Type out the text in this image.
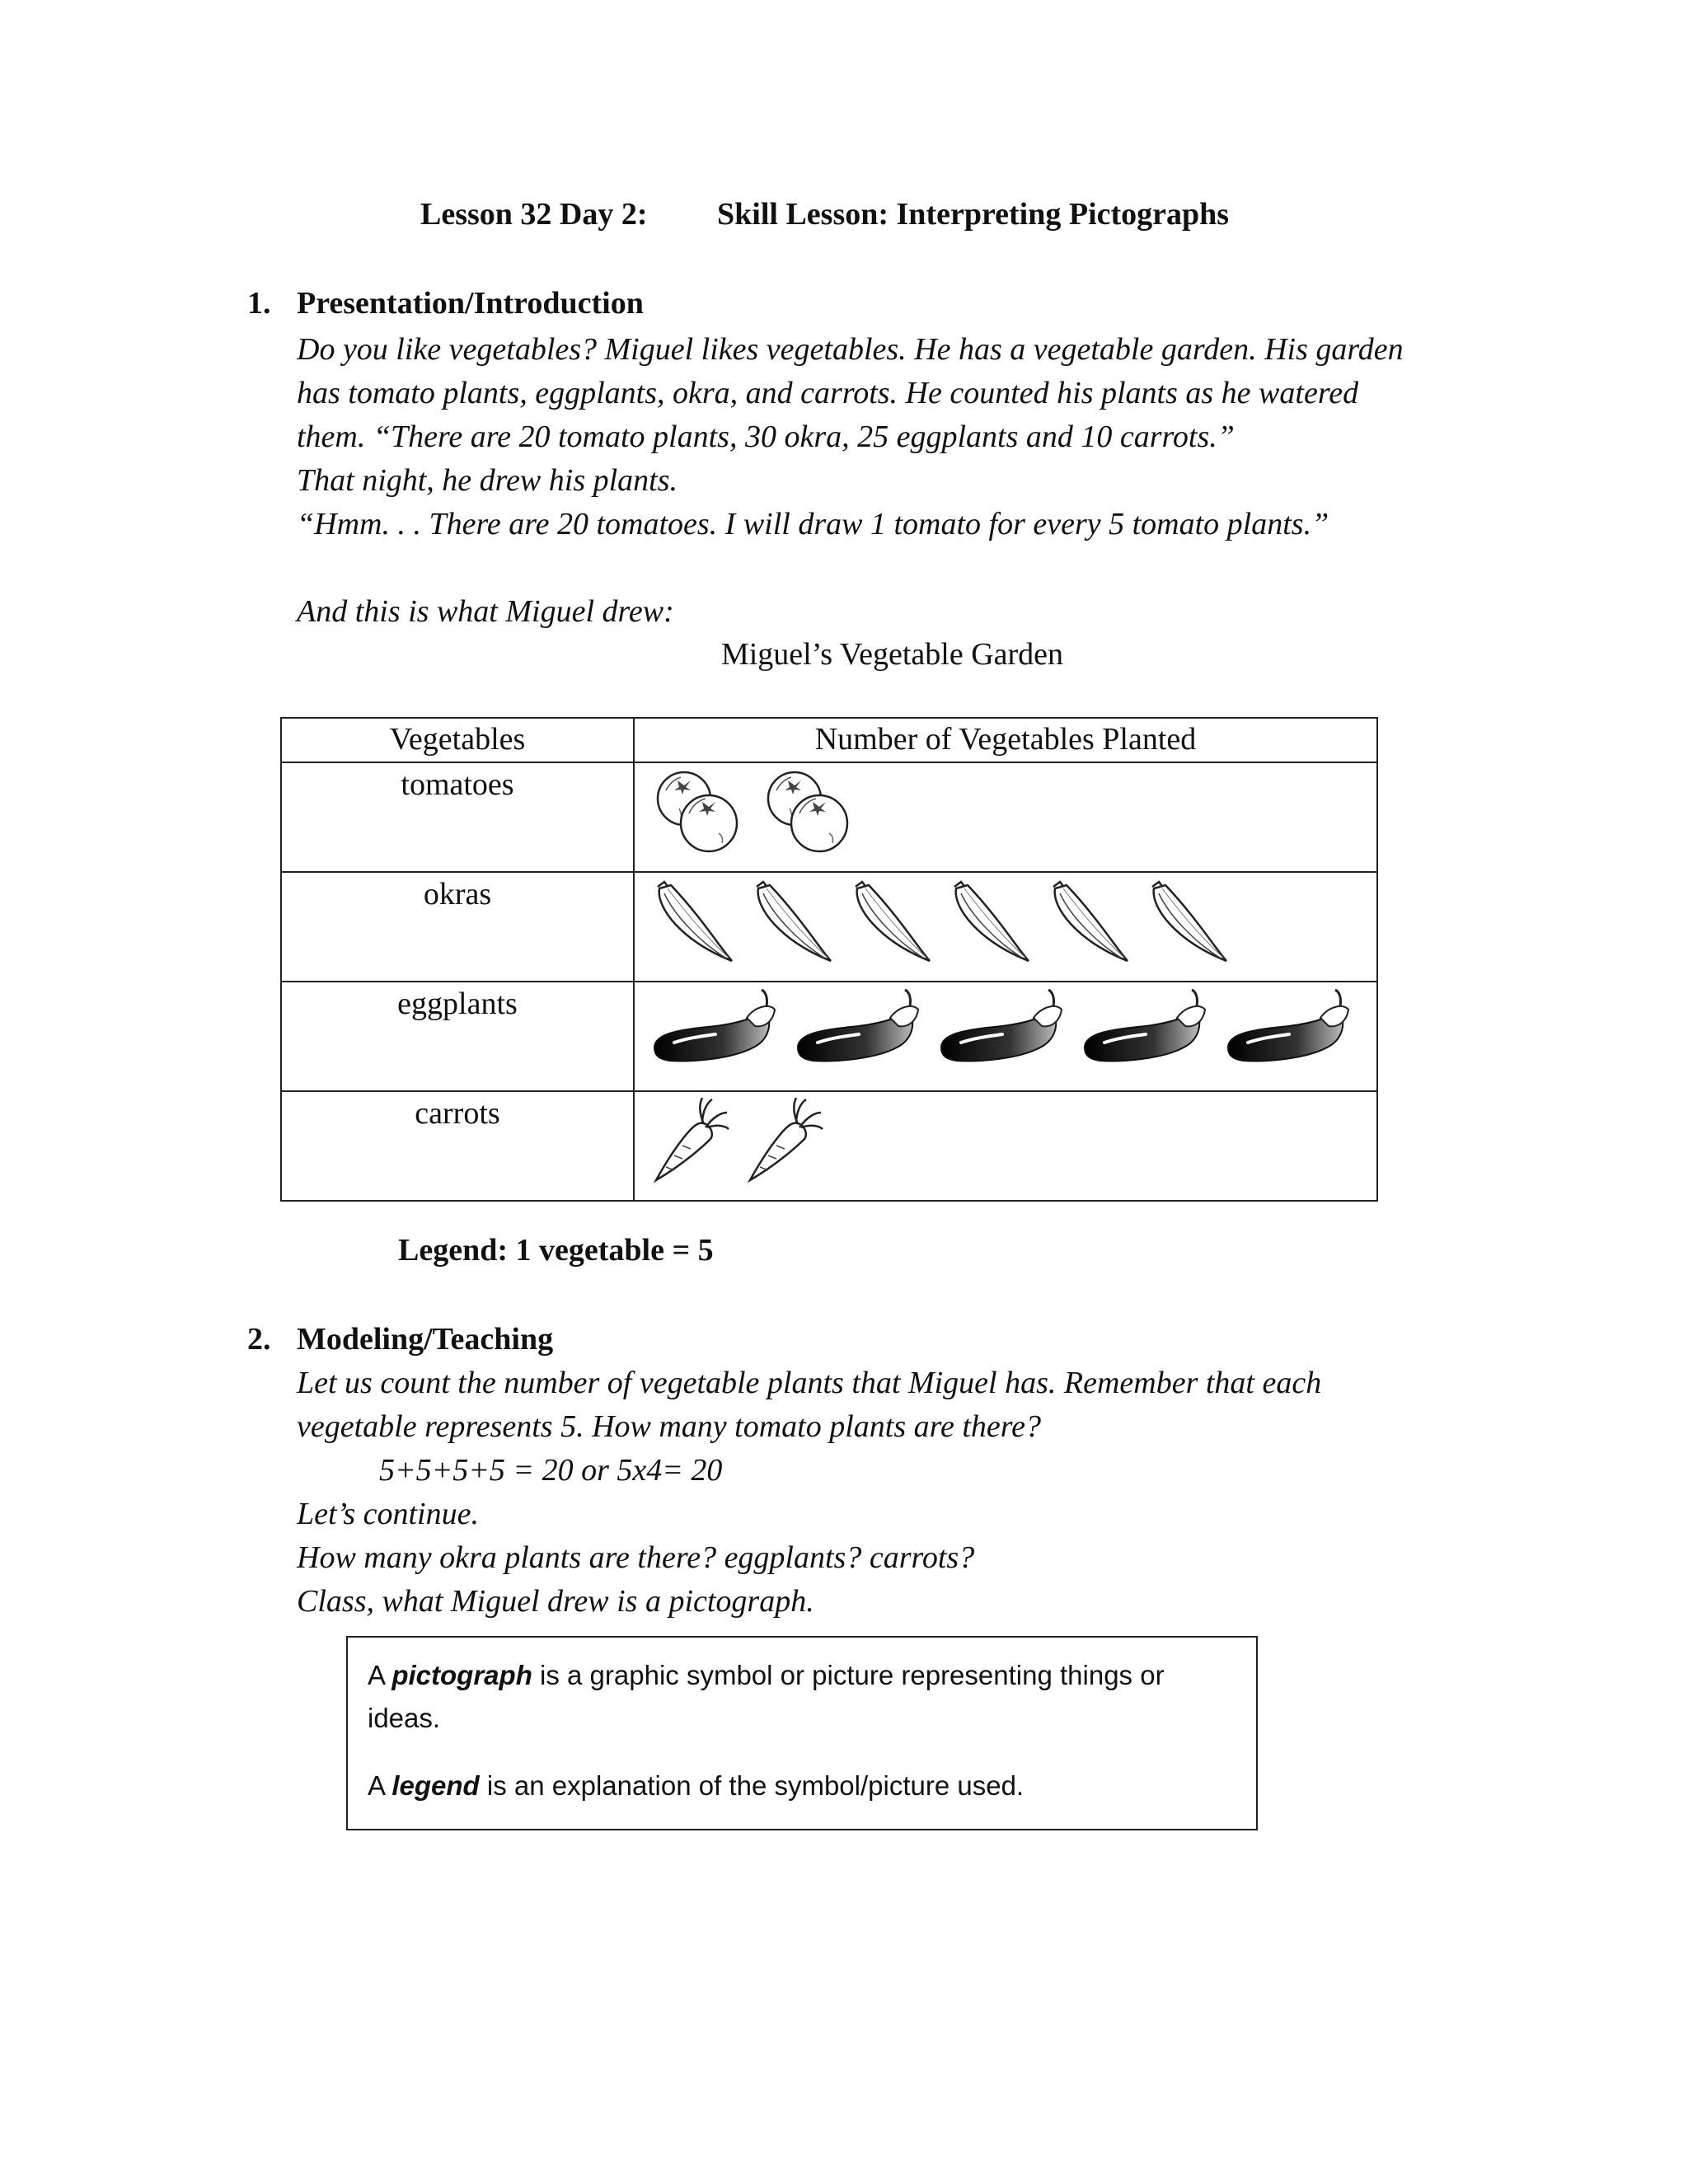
Lesson 32 Day 2: Skill Lesson: Interpreting Pictographs
1. Presentation/Introduction

Do you like vegetables? Miguel likes vegetables. He has a vegetable garden. His garden

has tomato plants, eggplants, okra, and carrots. He counted his plants as he watered

them. “There are 20 tomato plants, 30 okra, 25 eggplants and 10 carrots.”

That night, he drew his plants.

“Hmm. . . There are 20 tomatoes. I will draw 1 tomato for every 5 tomato plants.”

And this is what Miguel drew:
Miguel’s Vegetable Garden
Vegetables	Number of Vegetables Planted
tomatoes	

okras	

eggplants	

carrots	
Legend: 1 vegetable = 5
2. Modeling/Teaching

Let us count the number of vegetable plants that Miguel has. Remember that each

vegetable represents 5. How many tomato plants are there?

5+5+5+5 = 20 or 5x4= 20

Let’s continue.

How many okra plants are there? eggplants? carrots?

Class, what Miguel drew is a pictograph.

A pictograph is a graphic symbol or picture representing things or ideas.

A legend is an explanation of the symbol/picture used.
